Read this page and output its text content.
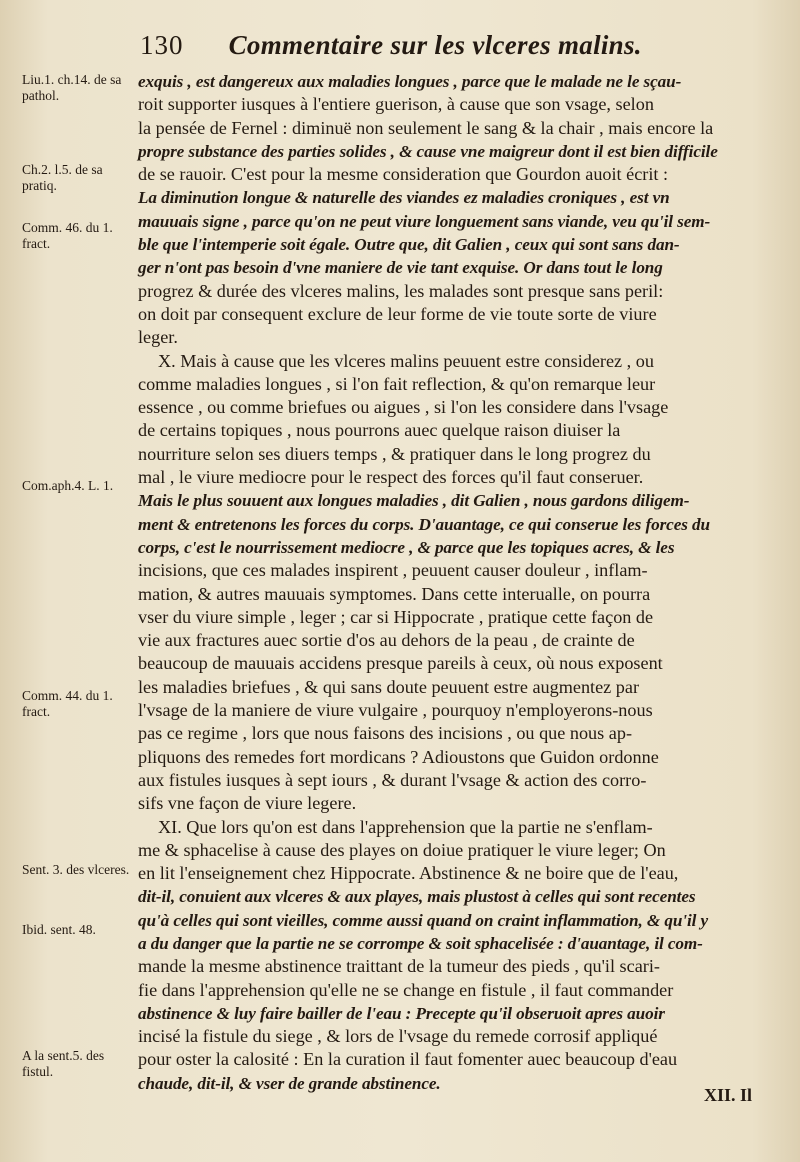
130 Commentaire sur les vlceres malins.
Liu.1. ch.14. de sa pathol.
Ch.2. l.5. de sa pratiq.
Comm. 46. du 1. fract.
Com.aph.4. L. 1.
Comm. 44. du 1. fract.
Sent. 3. des vlceres.
Ibid. sent. 48.
A la sent.5. des fistul.
exquis , est dangereux aux maladies longues , parce que le malade ne le sçau-
roit supporter iusques à l'entiere guerison, à cause que son vsage, selon
la pensée de Fernel : diminuë non seulement le sang & la chair , mais encore la
propre substance des parties solides , & cause vne maigreur dont il est bien difficile
de se rauoir. C'est pour la mesme consideration que Gourdon auoit écrit :
La diminution longue & naturelle des viandes ez maladies croniques , est vn
mauuais signe , parce qu'on ne peut viure longuement sans viande, veu qu'il sem-
ble que l'intemperie soit égale. Outre que, dit Galien , ceux qui sont sans dan-
ger n'ont pas besoin d'vne maniere de vie tant exquise. Or dans tout le long
progrez & durée des vlceres malins, les malades sont presque sans peril:
on doit par consequent exclure de leur forme de vie toute sorte de viure
leger.
X. Mais à cause que les vlceres malins peuuent estre considerez , ou
comme maladies longues , si l'on fait reflection, & qu'on remarque leur
essence , ou comme briefues ou aigues , si l'on les considere dans l'vsage
de certains topiques , nous pourrons auec quelque raison diuiser la
nourriture selon ses diuers temps , & pratiquer dans le long progrez du
mal , le viure mediocre pour le respect des forces qu'il faut conseruer.
Mais le plus souuent aux longues maladies , dit Galien , nous gardons diligem-
ment & entretenons les forces du corps. D'auantage, ce qui conserue les forces du
corps, c'est le nourrissement mediocre , & parce que les topiques acres, & les
incisions, que ces malades inspirent , peuuent causer douleur , inflam-
mation, & autres mauuais symptomes. Dans cette interualle, on pourra
vser du viure simple , leger ; car si Hippocrate , pratique cette façon de
vie aux fractures auec sortie d'os au dehors de la peau , de crainte de
beaucoup de mauuais accidens presque pareils à ceux, où nous exposent
les maladies briefues , & qui sans doute peuuent estre augmentez par
l'vsage de la maniere de viure vulgaire , pourquoy n'employerons-nous
pas ce regime , lors que nous faisons des incisions , ou que nous ap-
pliquons des remedes fort mordicans ? Adioustons que Guidon ordonne
aux fistules iusques à sept iours , & durant l'vsage & action des corro-
sifs vne façon de viure legere.
XI. Que lors qu'on est dans l'apprehension que la partie ne s'enflam-
me & sphacelise à cause des playes on doiue pratiquer le viure leger; On
en lit l'enseignement chez Hippocrate. Abstinence & ne boire que de l'eau,
dit-il, conuient aux vlceres & aux playes, mais plustost à celles qui sont recentes
qu'à celles qui sont vieilles, comme aussi quand on craint inflammation, & qu'il y
a du danger que la partie ne se corrompe & soit sphacelisée : d'auantage, il com-
mande la mesme abstinence traittant de la tumeur des pieds , qu'il scari-
fie dans l'apprehension qu'elle ne se change en fistule , il faut commander
abstinence & luy faire bailler de l'eau : Precepte qu'il obseruoit apres auoir
incisé la fistule du siege , & lors de l'vsage du remede corrosif appliqué
pour oster la calosité : En la curation il faut fomenter auec beaucoup d'eau
chaude, dit-il, & vser de grande abstinence.
XII. Il
